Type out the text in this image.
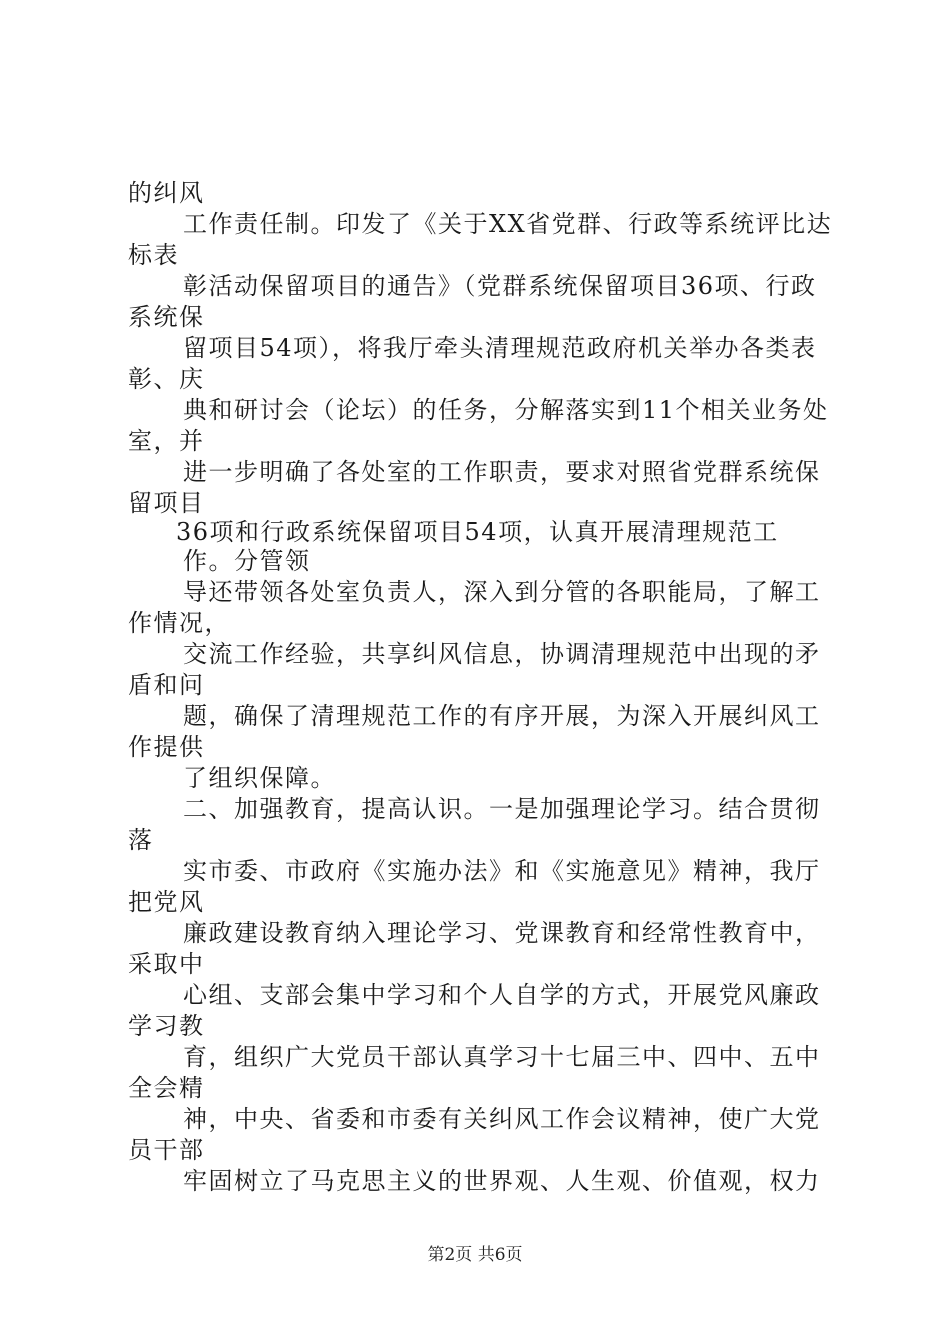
的纠风
工作责任制。印发了《关于XX省党群、行政等系统评比达
标表
彰活动保留项目的通告》（党群系统保留项目36项、行政
系统保
留项目54项），将我厅牵头清理规范政府机关举办各类表
彰、庆
典和研讨会（论坛）的任务，分解落实到11个相关业务处
室，并
进一步明确了各处室的工作职责，要求对照省党群系统保
留项目
36项和行政系统保留项目54项，认真开展清理规范工
作。分管领
导还带领各处室负责人，深入到分管的各职能局，了解工
作情况，
交流工作经验，共享纠风信息，协调清理规范中出现的矛
盾和问
题，确保了清理规范工作的有序开展，为深入开展纠风工
作提供
了组织保障。
二、加强教育，提高认识。一是加强理论学习。结合贯彻
落
实市委、市政府《实施办法》和《实施意见》精神，我厅
把党风
廉政建设教育纳入理论学习、党课教育和经常性教育中，
采取中
心组、支部会集中学习和个人自学的方式，开展党风廉政
学习教
育，组织广大党员干部认真学习十七届三中、四中、五中
全会精
神，中央、省委和市委有关纠风工作会议精神，使广大党
员干部
牢固树立了马克思主义的世界观、人生观、价值观，权力
第2页 共6页
